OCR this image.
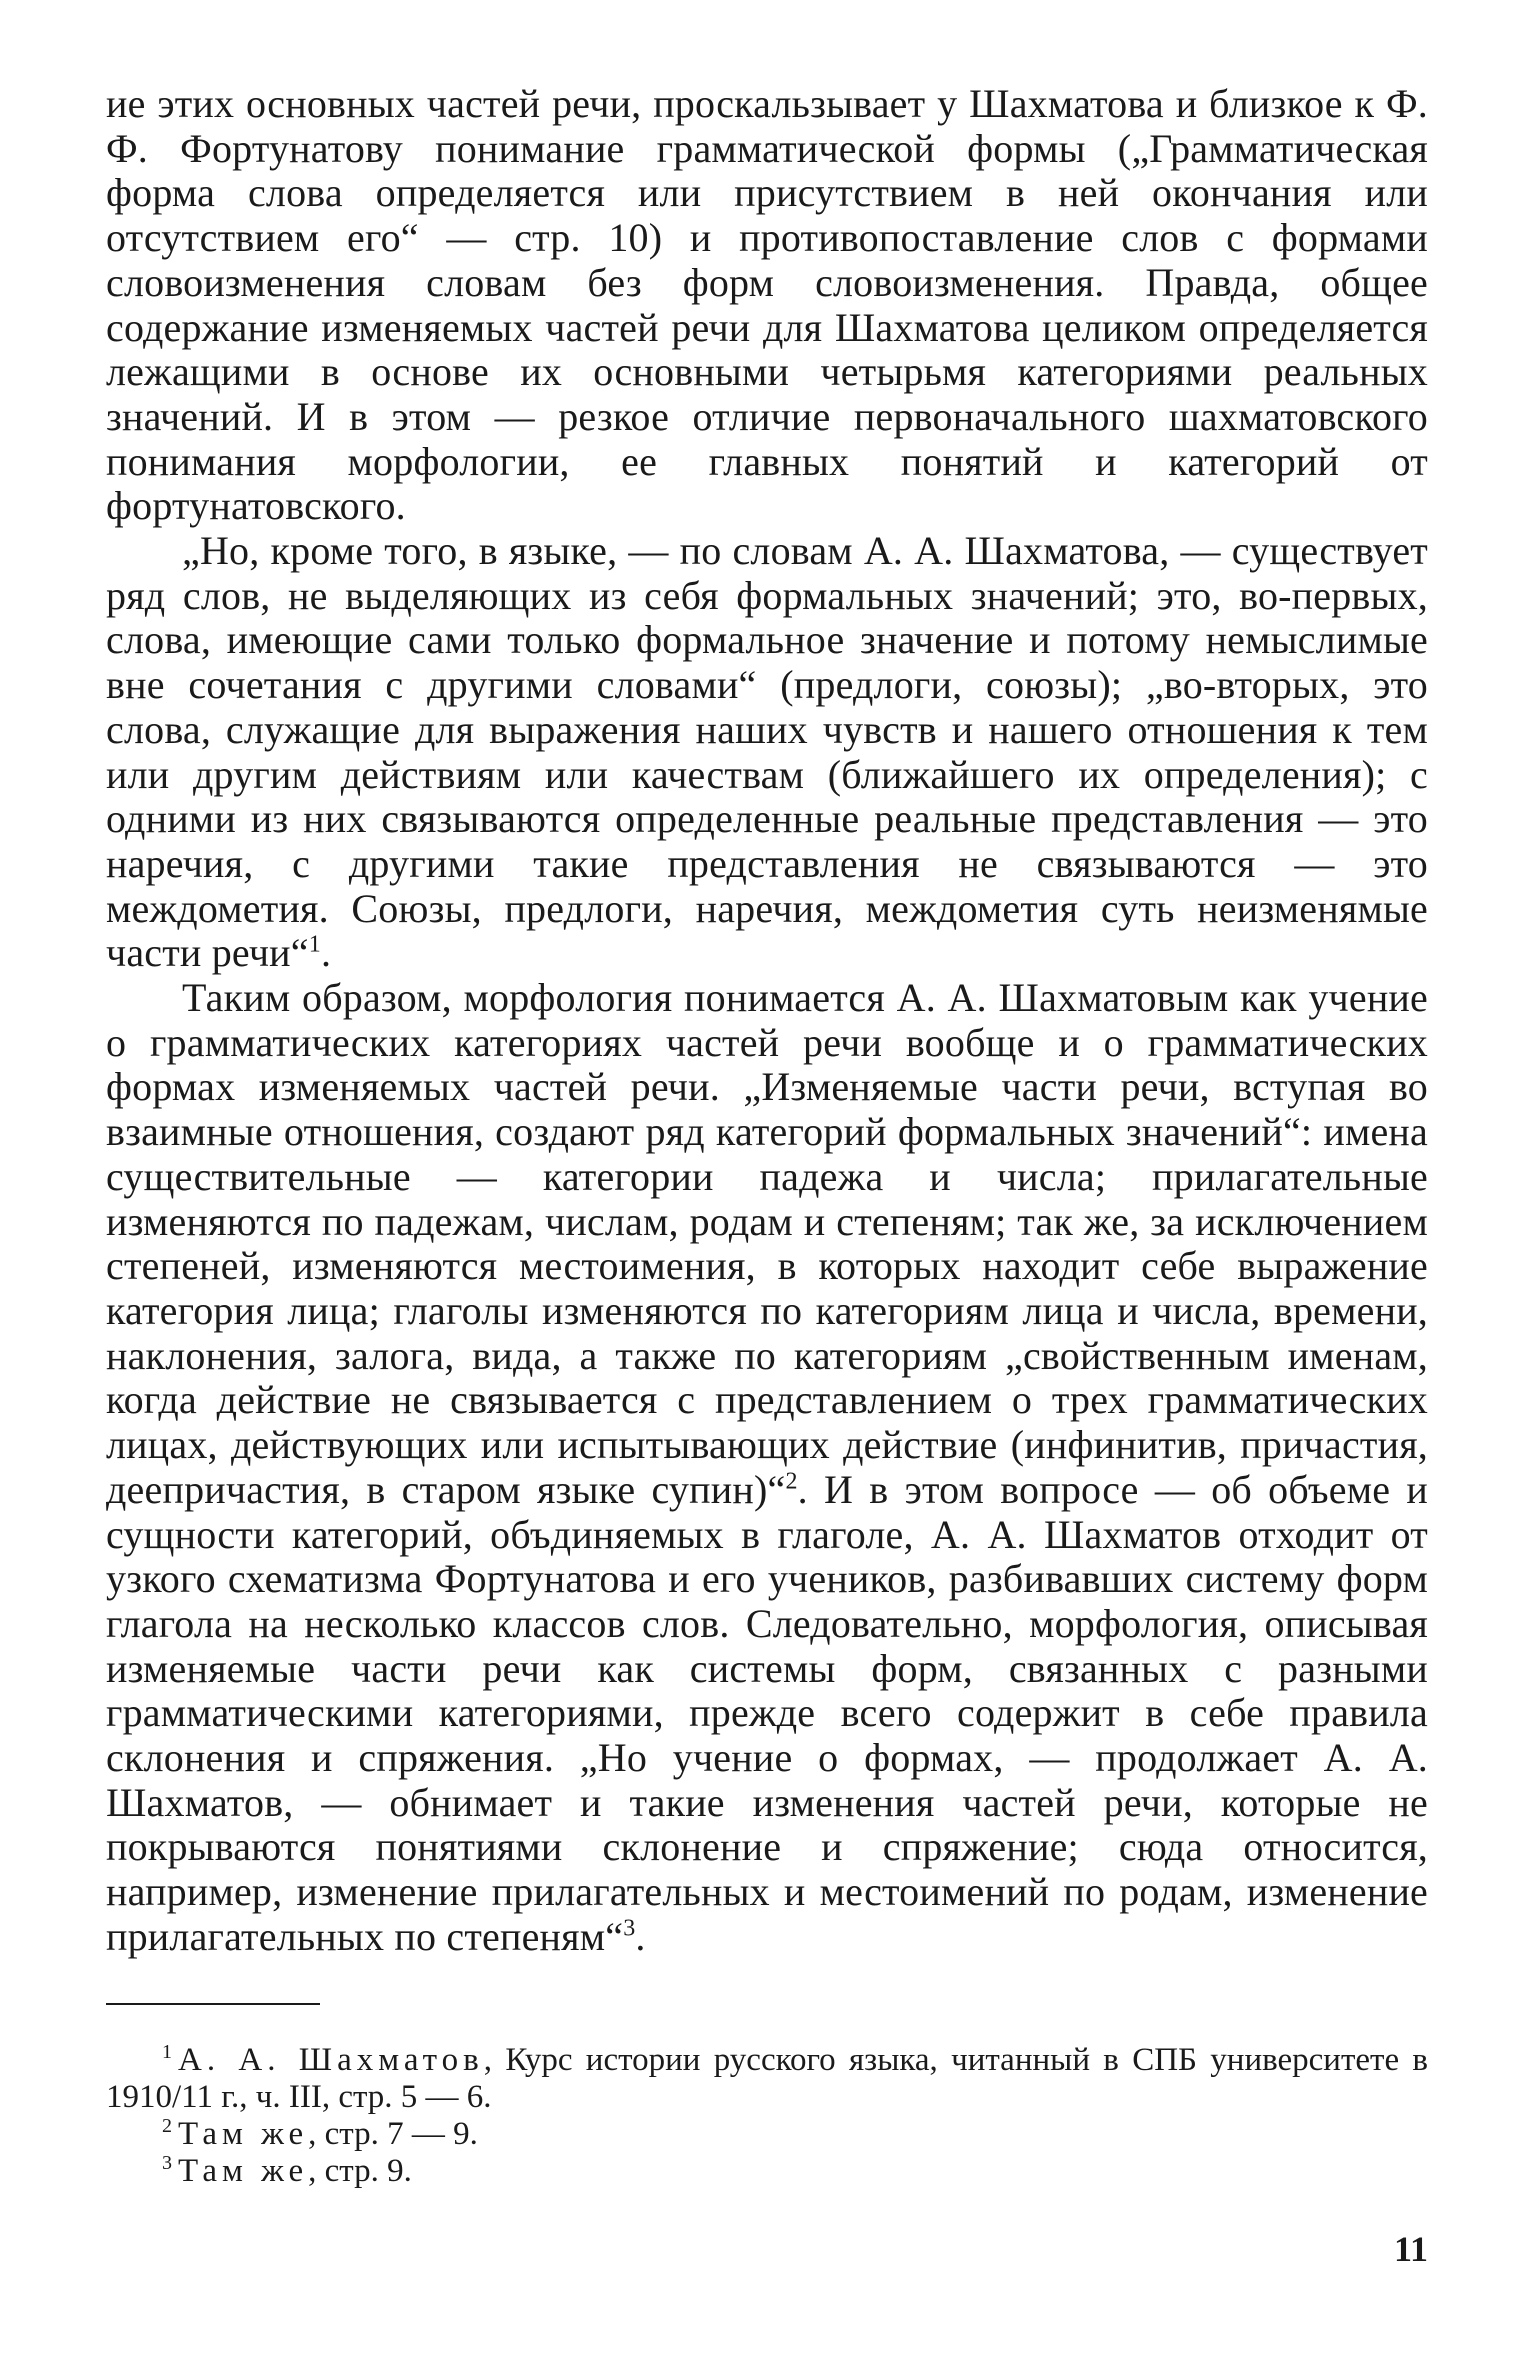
ие этих основных частей речи, проскальзывает у Шахматова и близкое к Ф. Ф. Фортунатову понимание грамматической формы („Грамматическая форма слова определяется или присутствием в ней окончания или отсутствием его“ — стр. 10) и противопоставление слов с формами словоизменения словам без форм словоизменения. Правда, общее содержание изменяемых частей речи для Шахматова целиком определяется лежащими в основе их основными четырьмя категориями реальных значений. И в этом — резкое отличие первоначального шахматовского понимания морфологии, ее главных понятий и категорий от фортунатовского.

„Но, кроме того, в языке, — по словам А. А. Шахматова, — существует ряд слов, не выделяющих из себя формальных значений; это, во-первых, слова, имеющие сами только формальное значение и потому немыслимые вне сочетания с другими словами“ (предлоги, союзы); „во-вторых, это слова, служащие для выражения наших чувств и нашего отношения к тем или другим действиям или качествам (ближайшего их определения); с одними из них связываются определенные реальные представления — это наречия, с другими такие представления не связываются — это междометия. Союзы, предлоги, наречия, междометия суть неизменямые части речи“$^1$.

Таким образом, морфология понимается А. А. Шахматовым как учение о грамматических категориях частей речи вообще и о грамматических формах изменяемых частей речи. „Изменяемые части речи, вступая во взаимные отношения, создают ряд категорий формальных значений“: имена существительные — категории падежа и числа; прилагательные изменяются по падежам, числам, родам и степеням; так же, за исключением степеней, изменяются местоимения, в которых находит себе выражение категория лица; глаголы изменяются по категориям лица и числа, времени, наклонения, залога, вида, а также по категориям „свойственным именам, когда действие не связывается с представлением о трех грамматических лицах, действующих или испытывающих действие (инфинитив, причастия, деепричастия, в старом языке супин)“$^2$. И в этом вопросе — об объеме и сущности категорий, объдиняемых в глаголе, А. А. Шахматов отходит от узкого схематизма Фортунатова и его учеников, разбивавших систему форм глагола на несколько классов слов. Следовательно, морфология, описывая изменяемые части речи как системы форм, связанных с разными грамматическими категориями, прежде всего содержит в себе правила склонения и спряжения. „Но учение о формах, — продолжает А. А. Шахматов, — обнимает и такие изменения частей речи, которые не покрываются понятиями склонение и спряжение; сюда относится, например, изменение прилагательных и местоимений по родам, изменение прилагательных по степеням“$^3$.

$^1$ А. А. Шахматов, Курс истории русского языка, читанный в СПБ университете в 1910/11 г., ч. III, стр. 5 — 6.

$^2$ Там же, стр. 7 — 9.

$^3$ Там же, стр. 9.

11
